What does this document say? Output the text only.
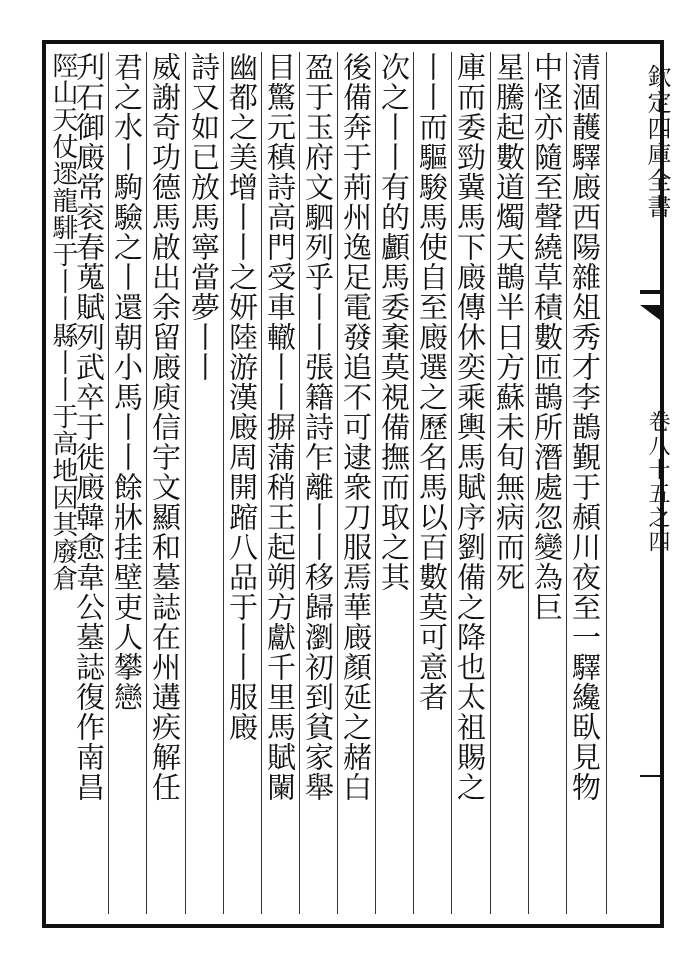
清涸䨼驛廄西陽雜俎秀才李鵲覲于頳川夜至一驛纔臥見物
中怪亦隨至聲繞草積數匝鵲所潛處忽變為巨
星騰起數道燭天鵲半日方蘇未旬無病而死
庫而委勁冀馬下廄傳休奕乘輿馬賦序劉備之降也太祖賜之
丨丨而驅駿馬使自至廄選之歷名馬以百數莫可意者
次之丨丨有的顱馬委棄莫視備撫而取之其
後備奔于荊州逸足電發追不可逮衆刀服焉華廄顏延之赭白
盈于玉府文駟列乎丨丨張籍詩乍離丨丨移歸瀏初到貧家舉
目驚元稹詩高門受車轍丨丨摒蒲稍王起朔方獻千里馬賦闌
幽都之美增丨丨之妍陸游漢廄周開蹜八品于丨丨服廄
詩又如已放馬寧當夢丨丨
威謝奇功德馬啟出余留廄庾信宇文顯和墓誌在州遘疾解任
君之水丨駒驗之丨還朝小馬丨丨餘牀挂壁吏人攀戀
刋石御廄常衮春蒐賦列武卒于徙廄韓愈韋公墓誌復作南昌
陘山天仗遝龍騑于丨丨縣丨丨于高地因其廢倉	欽定四庫全書
卷八十五之四
